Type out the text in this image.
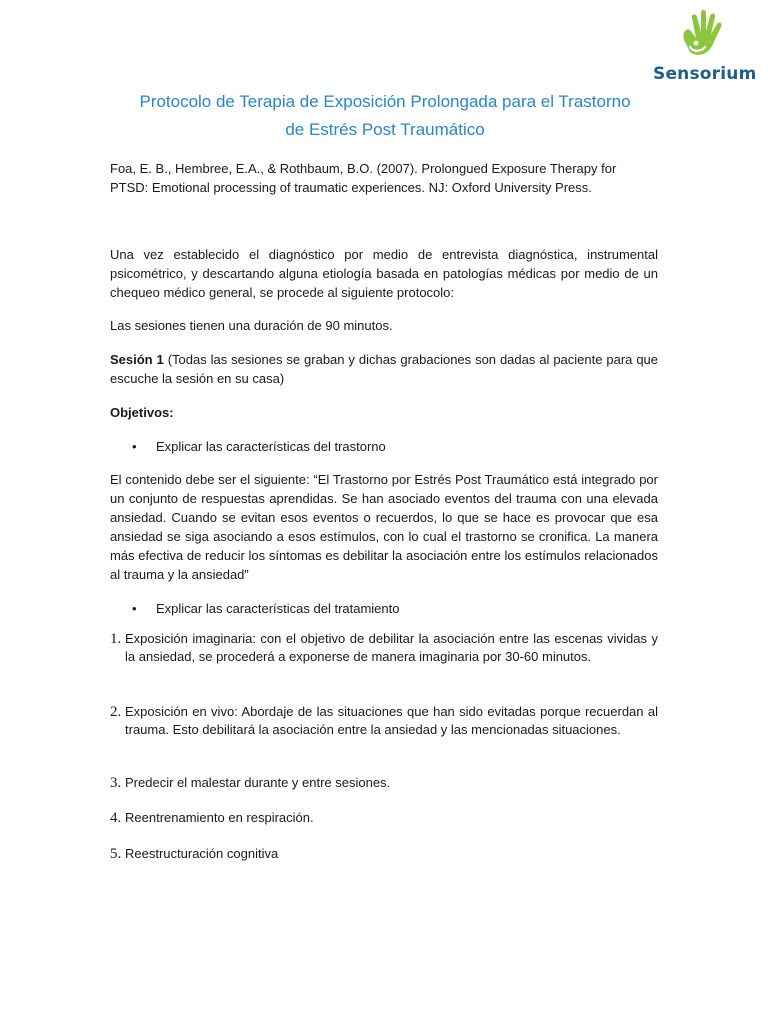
Sensorium
Protocolo de Terapia de Exposición Prolongada para el Trastorno
de Estrés Post Traumático

Foa, E. B., Hembree, E.A., & Rothbaum, B.O. (2007). Prolongued Exposure Therapy for PTSD: Emotional processing of traumatic experiences. NJ: Oxford University Press.

Una vez establecido el diagnóstico por medio de entrevista diagnóstica, instrumental psicométrico, y descartando alguna etiología basada en patologías médicas por medio de un chequeo médico general, se procede al siguiente protocolo:

Las sesiones tienen una duración de 90 minutos.

Sesión 1 (Todas las sesiones se graban y dichas grabaciones son dadas al paciente para que escuche la sesión en su casa)

Objetivos:

• Explicar las características del trastorno

El contenido debe ser el siguiente: “El Trastorno por Estrés Post Traumático está integrado por un conjunto de respuestas aprendidas. Se han asociado eventos del trauma con una elevada ansiedad. Cuando se evitan esos eventos o recuerdos, lo que se hace es provocar que esa ansiedad se siga asociando a esos estímulos, con lo cual el trastorno se cronifica. La manera más efectiva de reducir los síntomas es debilitar la asociación entre los estímulos relacionados al trauma y la ansiedad”

• Explicar las características del tratamiento
1. Exposición imaginaria: con el objetivo de debilitar la asociación entre las escenas vividas y la ansiedad, se procederá a exponerse de manera imaginaria por 30-60 minutos.
2. Exposición en vivo: Abordaje de las situaciones que han sido evitadas porque recuerdan al trauma. Esto debilitará la asociación entre la ansiedad y las mencionadas situaciones.
3. Predecir el malestar durante y entre sesiones.
4. Reentrenamiento en respiración.
5. Reestructuración cognitiva
